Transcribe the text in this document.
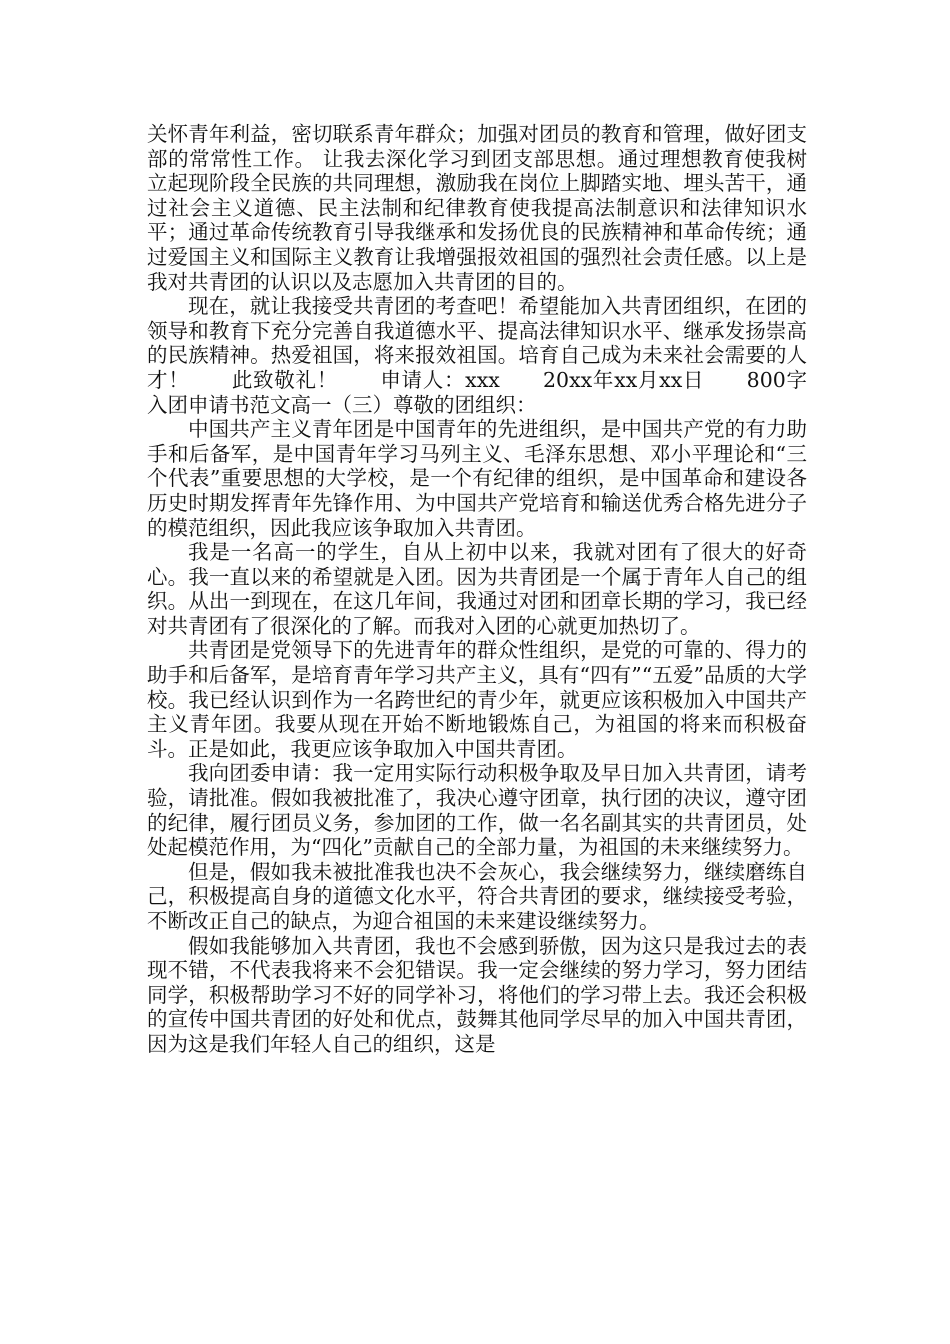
关怀青年利益，密切联系青年群众；加强对团员的教育和管理，做好团支部的常常性工作。 让我去深化学习到团支部思想。通过理想教育使我树立起现阶段全民族的共同理想，激励我在岗位上脚踏实地、埋头苦干，通过社会主义道德、民主法制和纪律教育使我提高法制意识和法律知识水平；通过革命传统教育引导我继承和发扬优良的民族精神和革命传统；通过爱国主义和国际主义教育让我增强报效祖国的强烈社会责任感。以上是我对共青团的认识以及志愿加入共青团的目的。

现在，就让我接受共青团的考查吧！希望能加入共青团组织，在团的领导和教育下充分完善自我道德水平、提高法律知识水平、继承发扬崇高的民族精神。热爱祖国，将来报效祖国。培育自己成为未来社会需要的人才！　　此致敬礼！　　申请人：xxx　　20xx年xx月xx日　　800字入团申请书范文高一（三）尊敬的团组织：

中国共产主义青年团是中国青年的先进组织，是中国共产党的有力助手和后备军，是中国青年学习马列主义、毛泽东思想、邓小平理论和“三个代表”重要思想的大学校，是一个有纪律的组织，是中国革命和建设各历史时期发挥青年先锋作用、为中国共产党培育和输送优秀合格先进分子的模范组织，因此我应该争取加入共青团。

我是一名高一的学生，自从上初中以来，我就对团有了很大的好奇心。我一直以来的希望就是入团。因为共青团是一个属于青年人自己的组织。从出一到现在，在这几年间，我通过对团和团章长期的学习，我已经对共青团有了很深化的了解。而我对入团的心就更加热切了。

共青团是党领导下的先进青年的群众性组织，是党的可靠的、得力的助手和后备军，是培育青年学习共产主义，具有“四有”“五爱”品质的大学校。我已经认识到作为一名跨世纪的青少年，就更应该积极加入中国共产主义青年团。我要从现在开始不断地锻炼自己，为祖国的将来而积极奋斗。正是如此，我更应该争取加入中国共青团。

我向团委申请：我一定用实际行动积极争取及早日加入共青团，请考验，请批准。假如我被批准了，我决心遵守团章，执行团的决议，遵守团的纪律，履行团员义务，参加团的工作，做一名名副其实的共青团员，处处起模范作用，为“四化”贡献自己的全部力量，为祖国的未来继续努力。

但是，假如我未被批准我也决不会灰心，我会继续努力，继续磨练自己，积极提高自身的道德文化水平，符合共青团的要求，继续接受考验，不断改正自己的缺点，为迎合祖国的未来建设继续努力。

假如我能够加入共青团，我也不会感到骄傲，因为这只是我过去的表现不错，不代表我将来不会犯错误。我一定会继续的努力学习，努力团结同学，积极帮助学习不好的同学补习，将他们的学习带上去。我还会积极的宣传中国共青团的好处和优点，鼓舞其他同学尽早的加入中国共青团，因为这是我们年轻人自己的组织，这是
